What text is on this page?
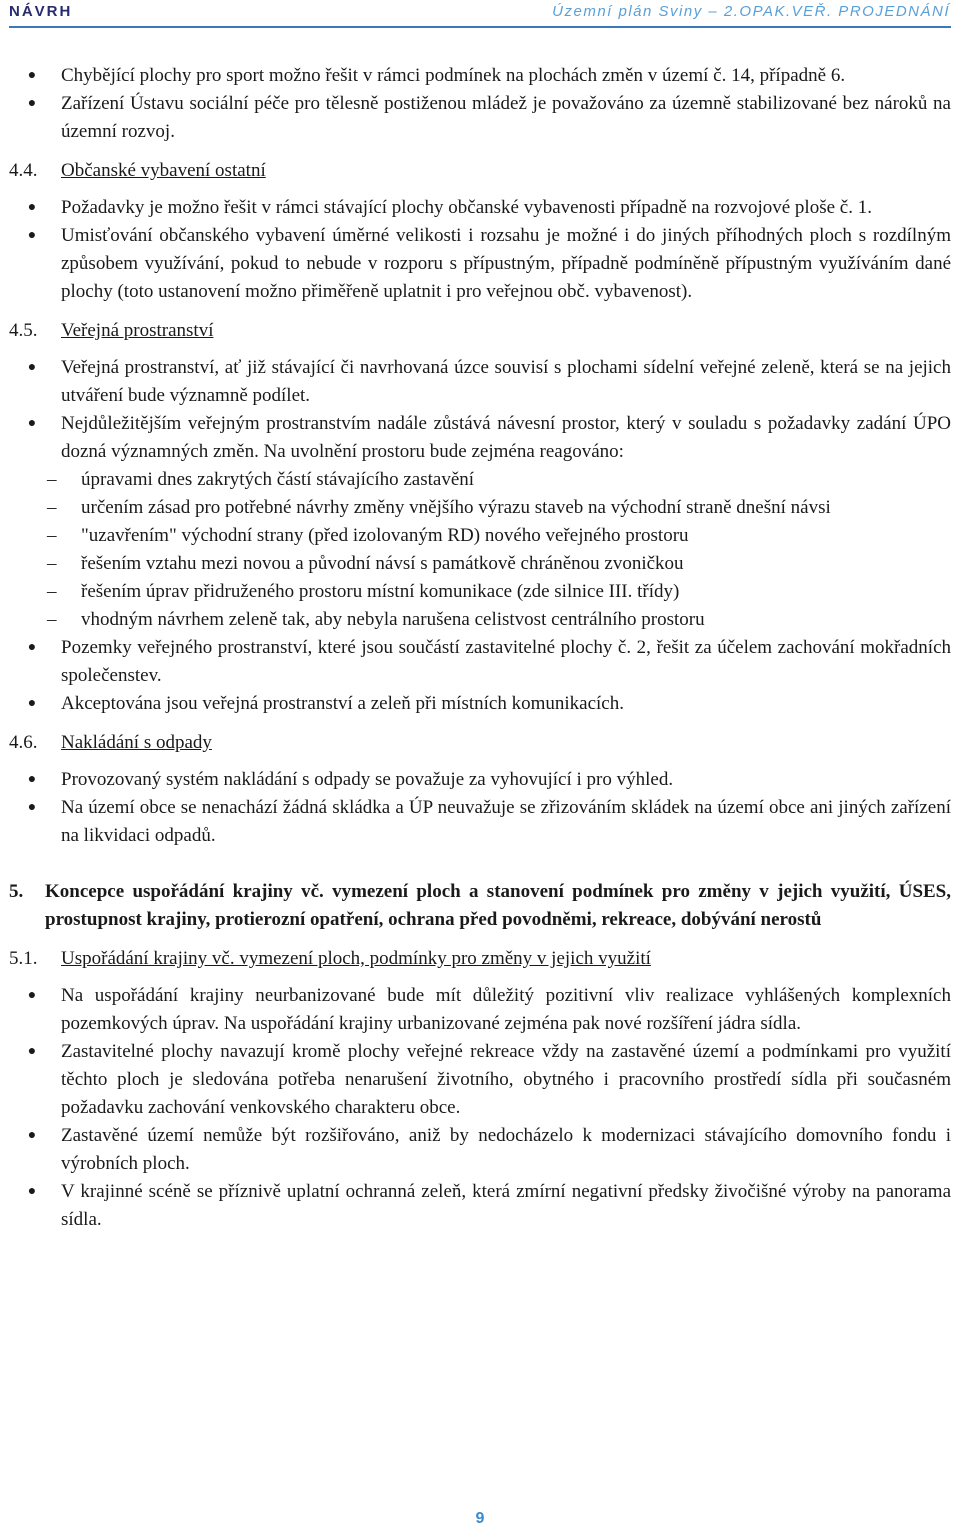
NÁVRH	Územní plán Sviny – 2.OPAK.VEŘ. PROJEDNÁNÍ
● Chybějící plochy pro sport možno řešit v rámci podmínek na plochách změn v území č. 14, případně 6.
● Zařízení Ústavu sociální péče pro tělesně postiženou mládež je považováno za územně stabilizované bez nároků na územní rozvoj.
4.4.	Občanské vybavení ostatní
● Požadavky je možno řešit v rámci stávající plochy občanské vybavenosti případně na rozvojové ploše č. 1.
● Umisťování občanského vybavení úměrné velikosti i rozsahu je možné i do jiných příhodných ploch s rozdílným způsobem využívání, pokud to nebude v rozporu s přípustným, případně podmíněně přípustným využíváním dané plochy (toto ustanovení možno přiměřeně uplatnit i pro veřejnou obč. vybavenost).
4.5.	Veřejná prostranství
● Veřejná prostranství, ať již stávající či navrhovaná úzce souvisí s plochami sídelní veřejné zeleně, která se na jejich utváření bude významně podílet.
● Nejdůležitějším veřejným prostranstvím nadále zůstává návesní prostor, který v souladu s požadavky zadání ÚPO dozná významných změn. Na uvolnění prostoru bude zejména reagováno:
– úpravami dnes zakrytých částí stávajícího zastavění
– určením zásad pro potřebné návrhy změny vnějšího výrazu staveb na východní straně dnešní návsi
– "uzavřením" východní strany (před izolovaným RD) nového veřejného prostoru
– řešením vztahu mezi novou a původní návsí s památkově chráněnou zvoničkou
– řešením úprav přidruženého prostoru místní komunikace (zde silnice III. třídy)
– vhodným návrhem zeleně tak, aby nebyla narušena celistvost centrálního prostoru
● Pozemky veřejného prostranství, které jsou součástí zastavitelné plochy č. 2, řešit za účelem zachování mokřadních společenstev.
● Akceptována jsou veřejná prostranství a zeleň při místních komunikacích.
4.6.	Nakládání s odpady
● Provozovaný systém nakládání s odpady se považuje za vyhovující i pro výhled.
● Na území obce se nenachází žádná skládka a ÚP neuvažuje se zřizováním skládek na území obce ani jiných zařízení na likvidaci odpadů.
5.	Koncepce uspořádání krajiny vč. vymezení ploch a stanovení podmínek pro změny v jejich využití, ÚSES, prostupnost krajiny, protierozní opatření, ochrana před povodněmi, rekreace, dobývání nerostů
5.1.	Uspořádání krajiny vč. vymezení ploch, podmínky pro změny v jejich využití
● Na uspořádání krajiny neurbanizované bude mít důležitý pozitivní vliv realizace vyhlášených komplexních pozemkových úprav. Na uspořádání krajiny urbanizované zejména pak nové rozšíření jádra sídla.
● Zastavitelné plochy navazují kromě plochy veřejné rekreace vždy na zastavěné území a podmínkami pro využití těchto ploch je sledována potřeba nenarušení životního, obytného i pracovního prostředí sídla při současném požadavku zachování venkovského charakteru obce.
● Zastavěné území nemůže být rozšiřováno, aniž by nedocházelo k modernizaci stávajícího domovního fondu i výrobních ploch.
● V krajinné scéně se příznivě uplatní ochranná zeleň, která zmírní negativní předsky živočišné výroby na panorama sídla.
9
